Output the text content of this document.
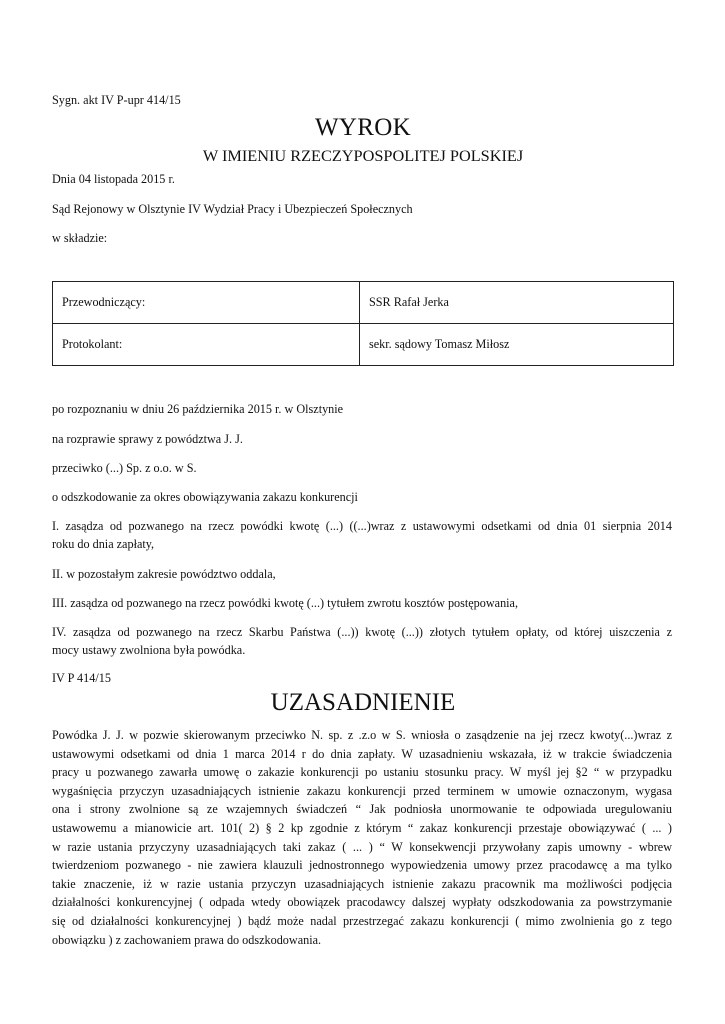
Sygn. akt IV P-upr 414/15

WYROK
W IMIENIU RZECZYPOSPOLITEJ POLSKIEJ

Dnia 04 listopada 2015 r.

Sąd Rejonowy w Olsztynie IV Wydział Pracy i Ubezpieczeń Społecznych

w składzie:

Przewodniczący:	SSR Rafał Jerka
Protokolant:	sekr. sądowy Tomasz Miłosz

po rozpoznaniu w dniu 26 października 2015 r. w Olsztynie

na rozprawie sprawy z powództwa J. J.

przeciwko (...) Sp. z o.o. w S.

o odszkodowanie za okres obowiązywania zakazu konkurencji

I. zasądza od pozwanego na rzecz powódki kwotę (...) ((...)wraz z ustawowymi odsetkami od dnia 01 sierpnia 2014
roku do dnia zapłaty,

II. w pozostałym zakresie powództwo oddala,

III. zasądza od pozwanego na rzecz powódki kwotę (...) tytułem zwrotu kosztów postępowania,

IV. zasądza od pozwanego na rzecz Skarbu Państwa (...)) kwotę (...)) złotych tytułem opłaty, od której uiszczenia z
mocy ustawy zwolniona była powódka.

IV P 414/15

UZASADNIENIE
Powódka J. J. w pozwie skierowanym przeciwko N. sp. z .z.o w S. wniosła o zasądzenie na jej rzecz kwoty(...)wraz z
ustawowymi odsetkami od dnia 1 marca 2014 r do dnia zapłaty. W uzasadnieniu wskazała, iż w trakcie świadczenia
pracy u pozwanego zawarła umowę o zakazie konkurencji po ustaniu stosunku pracy. W myśl jej §2 “ w przypadku
wygaśnięcia przyczyn uzasadniających istnienie zakazu konkurencji przed terminem w umowie oznaczonym, wygasa
ona i strony zwolnione są ze wzajemnych świadczeń “ Jak podniosła unormowanie te odpowiada uregulowaniu
ustawowemu a mianowicie art. 101( 2) § 2 kp zgodnie z którym “ zakaz konkurencji przestaje obowiązywać ( ... )
w razie ustania przyczyny uzasadniających taki zakaz ( ... ) “ W konsekwencji przywołany zapis umowny - wbrew
twierdzeniom pozwanego - nie zawiera klauzuli jednostronnego wypowiedzenia umowy przez pracodawcę a ma tylko
takie znaczenie, iż w razie ustania przyczyn uzasadniających istnienie zakazu pracownik ma możliwości podjęcia
działalności konkurencyjnej ( odpada wtedy obowiązek pracodawcy dalszej wypłaty odszkodowania za powstrzymanie
się od działalności konkurencyjnej ) bądź może nadal przestrzegać zakazu konkurencji ( mimo zwolnienia go z tego
obowiązku ) z zachowaniem prawa do odszkodowania.
